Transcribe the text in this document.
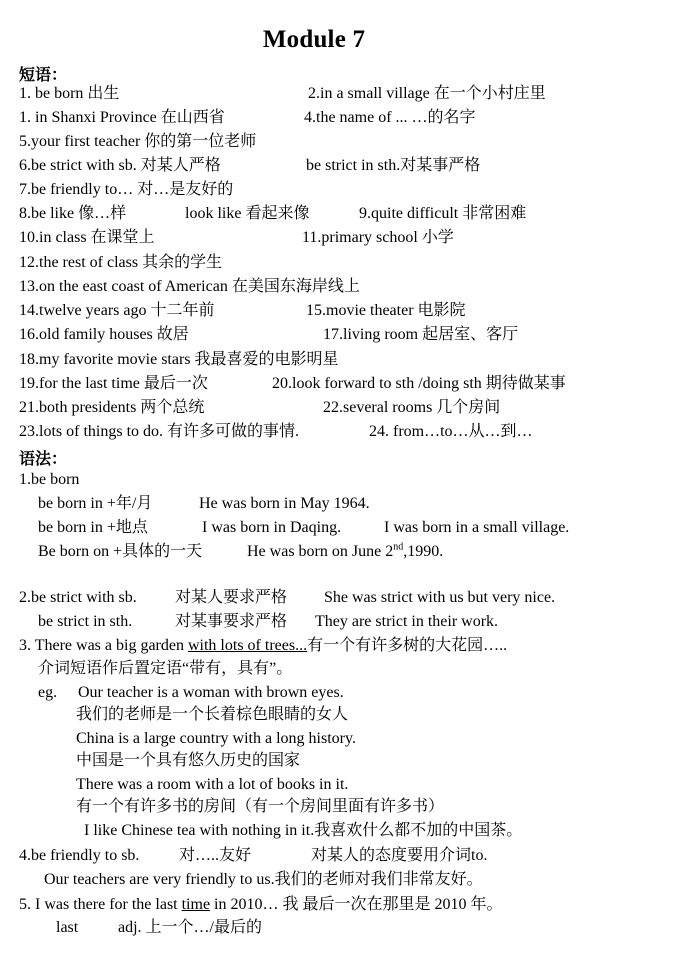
Module 7
短语：
1. be born 出生	2.in a small village 在一个小村庄里
1. in Shanxi Province 在山西省	4.the name of ... …的名字
5.your first teacher 你的第一位老师
6.be strict with sb. 对某人严格	be strict in sth.对某事严格
7.be friendly to… 对…是友好的
8.be like 像…样	look like 看起来像	9.quite difficult 非常困难
10.in class 在课堂上	11.primary school 小学
12.the rest of class 其余的学生
13.on the east coast of American 在美国东海岸线上
14.twelve years ago 十二年前	15.movie theater 电影院
16.old family houses 故居	17.living room 起居室、客厅
18.my favorite movie stars 我最喜爱的电影明星
19.for the last time 最后一次	20.look forward to sth /doing sth 期待做某事
21.both presidents 两个总统	22.several rooms 几个房间
23.lots of things to do. 有许多可做的事情.	24. from…to…从…到…
语法：
1.be born
be born in +年/月	He was born in May 1964.
be born in +地点	I was born in Daqing.	I was born in a small village.
Be born on +具体的一天	He was born on June 2nd,1990.
2.be strict with sb. 对某人要求严格 She was strict with us but very nice.
be strict in sth.	对某事要求严格 They are strict in their work.
3. There was a big garden with lots of trees...有一个有许多树的大花园…..
介词短语作后置定语“带有，具有”。
eg. Our teacher is a woman with brown eyes.
我们的老师是一个长着棕色眼睛的女人
China is a large country with a long history.
中国是一个具有悠久历史的国家
There was a room with a lot of books in it.
有一个有许多书的房间（有一个房间里面有许多书）
I like Chinese tea with nothing in it.我喜欢什么都不加的中国茶。
4.be friendly to sb. 对…..友好	对某人的态度要用介词to.
Our teachers are very friendly to us.我们的老师对我们非常友好。
5. I was there for the last time in 2010… 我 最后一次在那里是 2010 年。
last adj. 上一个…/最后的
